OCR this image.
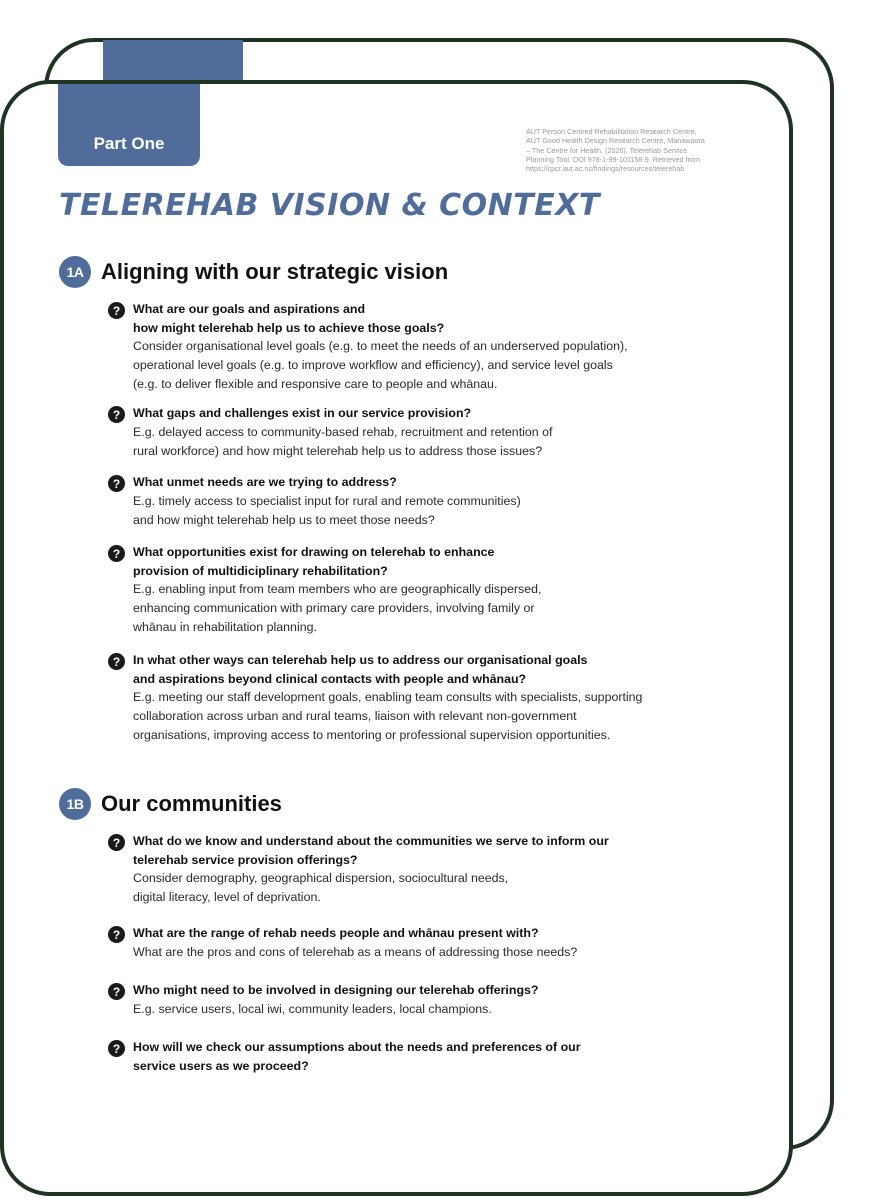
Part One
AUT Person Centred Rehabilitation Research Centre,
AUT Good Health Design Research Centre, Manawaora
– The Centre for Health. (2026). Telerehab Service
Planning Tool. DOI 978-1-99-101158-9. Retrieved from
https://cpcr.aut.ac.nz/findings/resources/telerehab
TELEREHAB VISION & CONTEXT
1A Aligning with our strategic vision
?	What are our goals and aspirations and
how might telerehab help us to achieve those goals?
Consider organisational level goals (e.g. to meet the needs of an underserved population),
operational level goals (e.g. to improve workflow and efficiency), and service level goals
(e.g. to deliver flexible and responsive care to people and whānau.
?	What gaps and challenges exist in our service provision?
E.g. delayed access to community-based rehab, recruitment and retention of
rural workforce) and how might telerehab help us to address those issues?
?	What unmet needs are we trying to address?
E.g. timely access to specialist input for rural and remote communities)
and how might telerehab help us to meet those needs?
?	What opportunities exist for drawing on telerehab to enhance
provision of multidiciplinary rehabilitation?
E.g. enabling input from team members who are geographically dispersed,
enhancing communication with primary care providers, involving family or
whānau in rehabilitation planning.
?	In what other ways can telerehab help us to address our organisational goals
and aspirations beyond clinical contacts with people and whānau?
E.g. meeting our staff development goals, enabling team consults with specialists, supporting
collaboration across urban and rural teams, liaison with relevant non-government
organisations, improving access to mentoring or professional supervision opportunities.
1B Our communities
?	What do we know and understand about the communities we serve to inform our
telerehab service provision offerings?
Consider demography, geographical dispersion, sociocultural needs,
digital literacy, level of deprivation.
?	What are the range of rehab needs people and whānau present with?
What are the pros and cons of telerehab as a means of addressing those needs?
?	Who might need to be involved in designing our telerehab offerings?
E.g. service users, local iwi, community leaders, local champions.
?	How will we check our assumptions about the needs and preferences of our
service users as we proceed?
